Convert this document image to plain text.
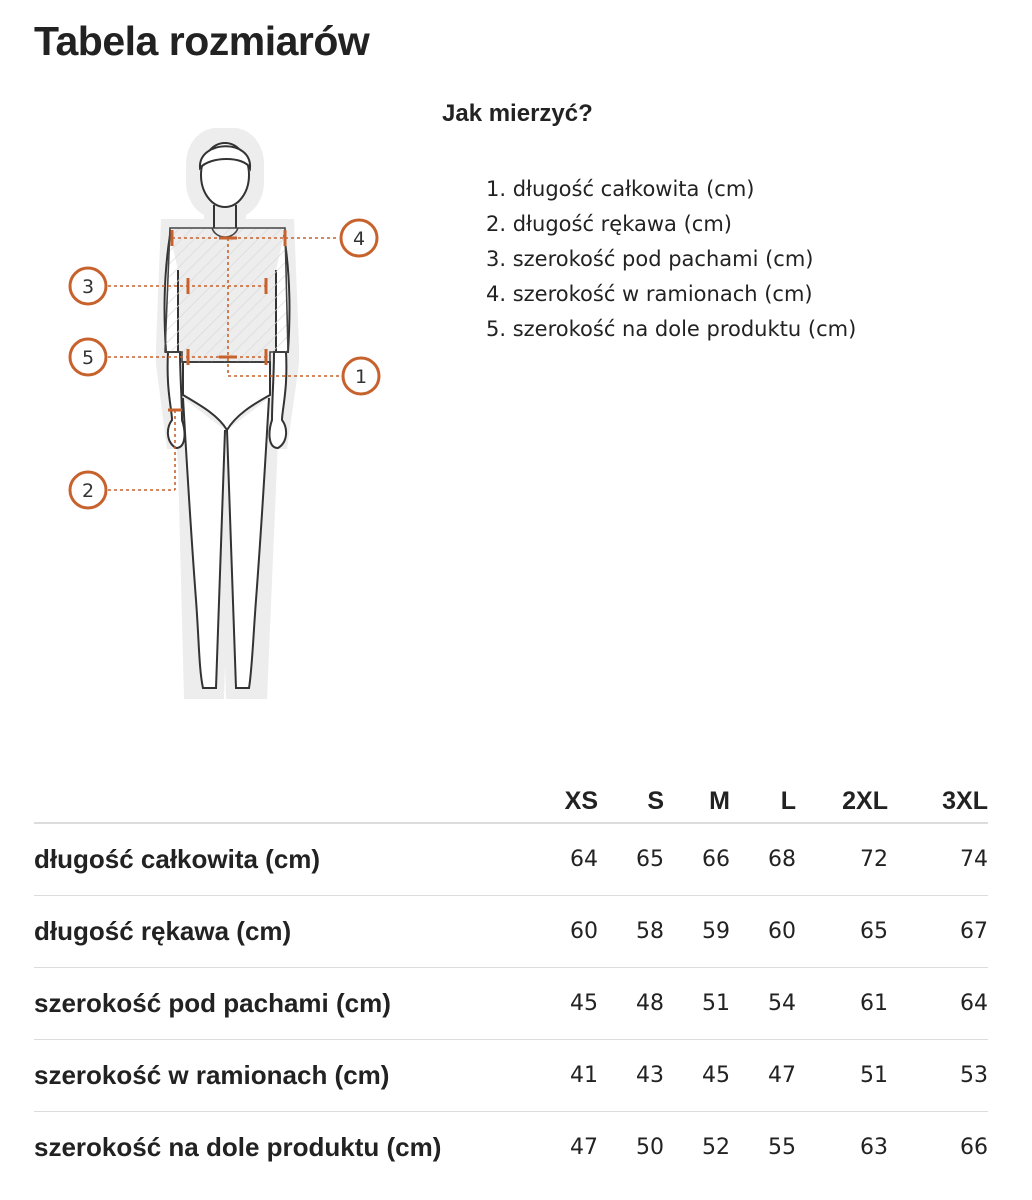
Tabela rozmiarów
4
3
5
1
2
Jak mierzyć?
1. długość całkowita (cm)
2. długość rękawa (cm)
3. szerokość pod pachami (cm)
4. szerokość w ramionach (cm)
5. szerokość na dole produktu (cm)
	XS	S	M	L	2XL	3XL
długość całkowita (cm)	64	65	66	68	72	74
długość rękawa (cm)	60	58	59	60	65	67
szerokość pod pachami (cm)	45	48	51	54	61	64
szerokość w ramionach (cm)	41	43	45	47	51	53
szerokość na dole produktu (cm)	47	50	52	55	63	66
